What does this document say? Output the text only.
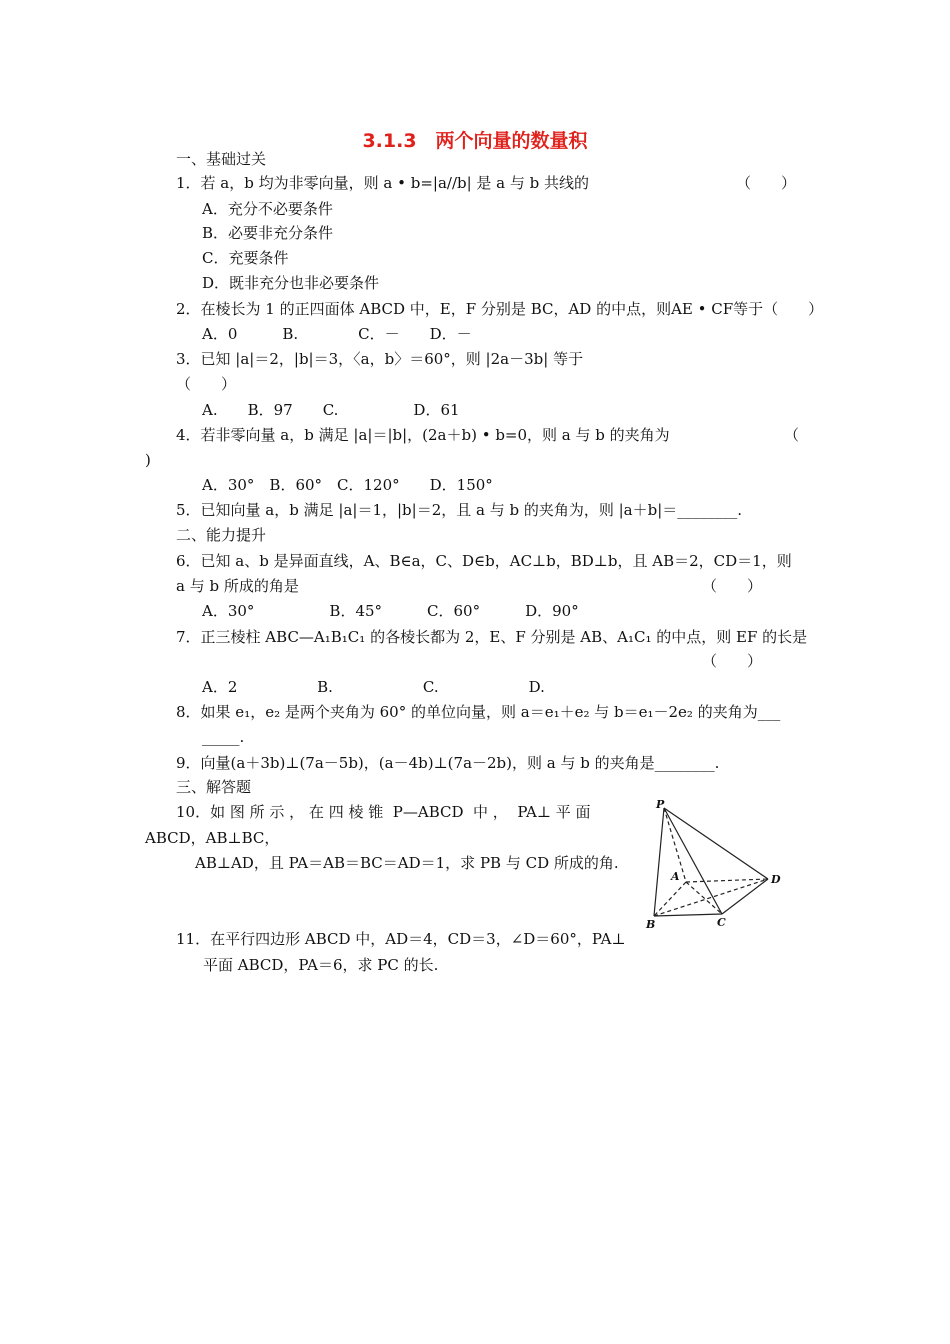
3.1.3　两个向量的数量积
一、基础过关
1．若 a，b 均为非零向量，则 a • b=|a//b| 是 a 与 b 共线的	（　　）
A．充分不必要条件
B．必要非充分条件
C．充要条件
D．既非充分也非必要条件
2．在棱长为 1 的正四面体 ABCD 中，E，F 分别是 BC，AD 的中点，则AE • CF等于（　　）
A．0　　　B.　　　　C．－　　D．－
3．已知 |a|＝2，|b|＝3，〈a，b〉＝60°，则 |2a－3b| 等于
（　　）
A.　　B．97　　C.　　　　　D．61
4．若非零向量 a，b 满足 |a|＝|b|，(2a＋b) • b=0，则 a 与 b 的夹角为	（
)
A．30°　B．60°　C．120°　　D．150°
5．已知向量 a，b 满足 |a|＝1，|b|＝2，且 a 与 b 的夹角为，则 |a＋b|＝________.
二、能力提升
6．已知 a、b 是异面直线，A、B∈a，C、D∈b，AC⊥b，BD⊥b，且 AB＝2，CD＝1，则
a 与 b 所成的角是	（　　）
A．30°　　　　　B．45°　　　C．60°　　　D．90°
7．正三棱柱 ABC—A₁B₁C₁ 的各棱长都为 2，E、F 分别是 AB、A₁C₁ 的中点，则 EF 的长是
（　　）
A．2　　　　　 B.　　　　　　C.　　　　　　D.
8．如果 e₁，e₂ 是两个夹角为 60° 的单位向量，则 a＝e₁＋e₂ 与 b＝e₁－2e₂ 的夹角为___
_____.
9．向量(a＋3b)⊥(7a－5b)，(a－4b)⊥(7a－2b)，则 a 与 b 的夹角是________.
三、解答题
10．如 图 所 示 ， 在 四 棱 锥  P—ABCD  中 ，  PA⊥ 平 面
ABCD，AB⊥BC，
AB⊥AD，且 PA＝AB＝BC＝AD＝1，求 PB 与 CD 所成的角.
11．在平行四边形 ABCD 中，AD＝4，CD＝3，∠D＝60°，PA⊥
平面 ABCD，PA＝6，求 PC 的长.
P
A
B	C
D
